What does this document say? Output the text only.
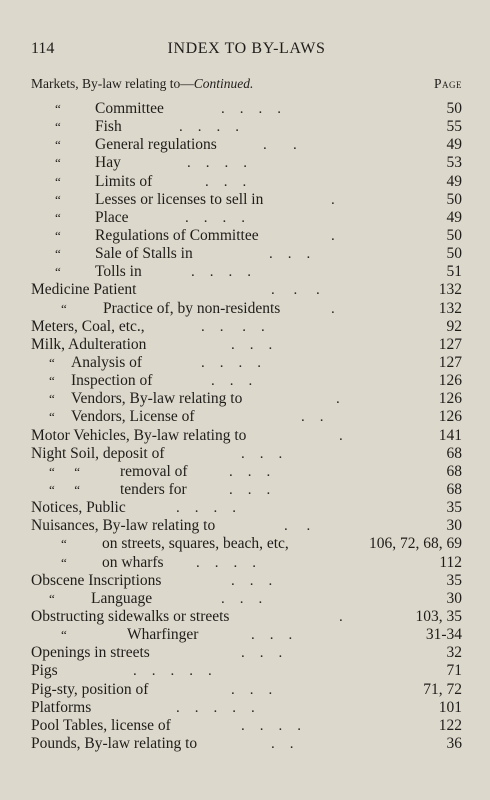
114	INDEX TO BY-LAWS
Markets, By-law relating to—Continued.	Page
“ Committee	.    .    .    .	50
“ Fish	.    .    .    .	55
“ General regulations	.       .	49
“ Hay	.    .    .    .	53
“ Limits of	.    .    .	49
“ Lesses or licenses to sell in	.	50
“ Place	.    .    .    .	49
“ Regulations of Committee	.	50
“ Sale of Stalls in	.    .    .	50
“ Tolls in	.    .    .    .	51
Medicine Patient	.     .     .	132
“ Practice of, by non-residents	.	132
Meters, Coal, etc.,	.    .     .    .	92
Milk, Adulteration	.    .    .	127
“ Analysis of	.    .    .    .	127
“ Inspection of	.    .    .	126
“ Vendors, By-law relating to	.	126
“ Vendors, License of	.    .	126
Motor Vehicles, By-law relating to	.	141
Night Soil, deposit of	.    .    .	68
“      “	removal of	.    .    .	68
“      “	tenders for	.    .    .	68
Notices, Public	.    .    .    .	35
Nuisances, By-law relating to	.     .	30
“ on streets, squares, beach, etc,	106, 72, 68, 69
“ on wharfs .    .    .    .	112
Obscene Inscriptions	.    .    .	35
“ Language	.    .    .	30
Obstructing sidewalks or streets	.	103, 35
“	Wharfinger	.    .    .	31-34
Openings in streets	.    .    .	32
Pigs	.    .    .    .    .	71
Pig-sty, position of	.    .    .	71, 72
Platforms	.    .    .    .    .	101
Pool Tables, license of	.    .    .    .	122
Pounds, By-law relating to	.    .	36
